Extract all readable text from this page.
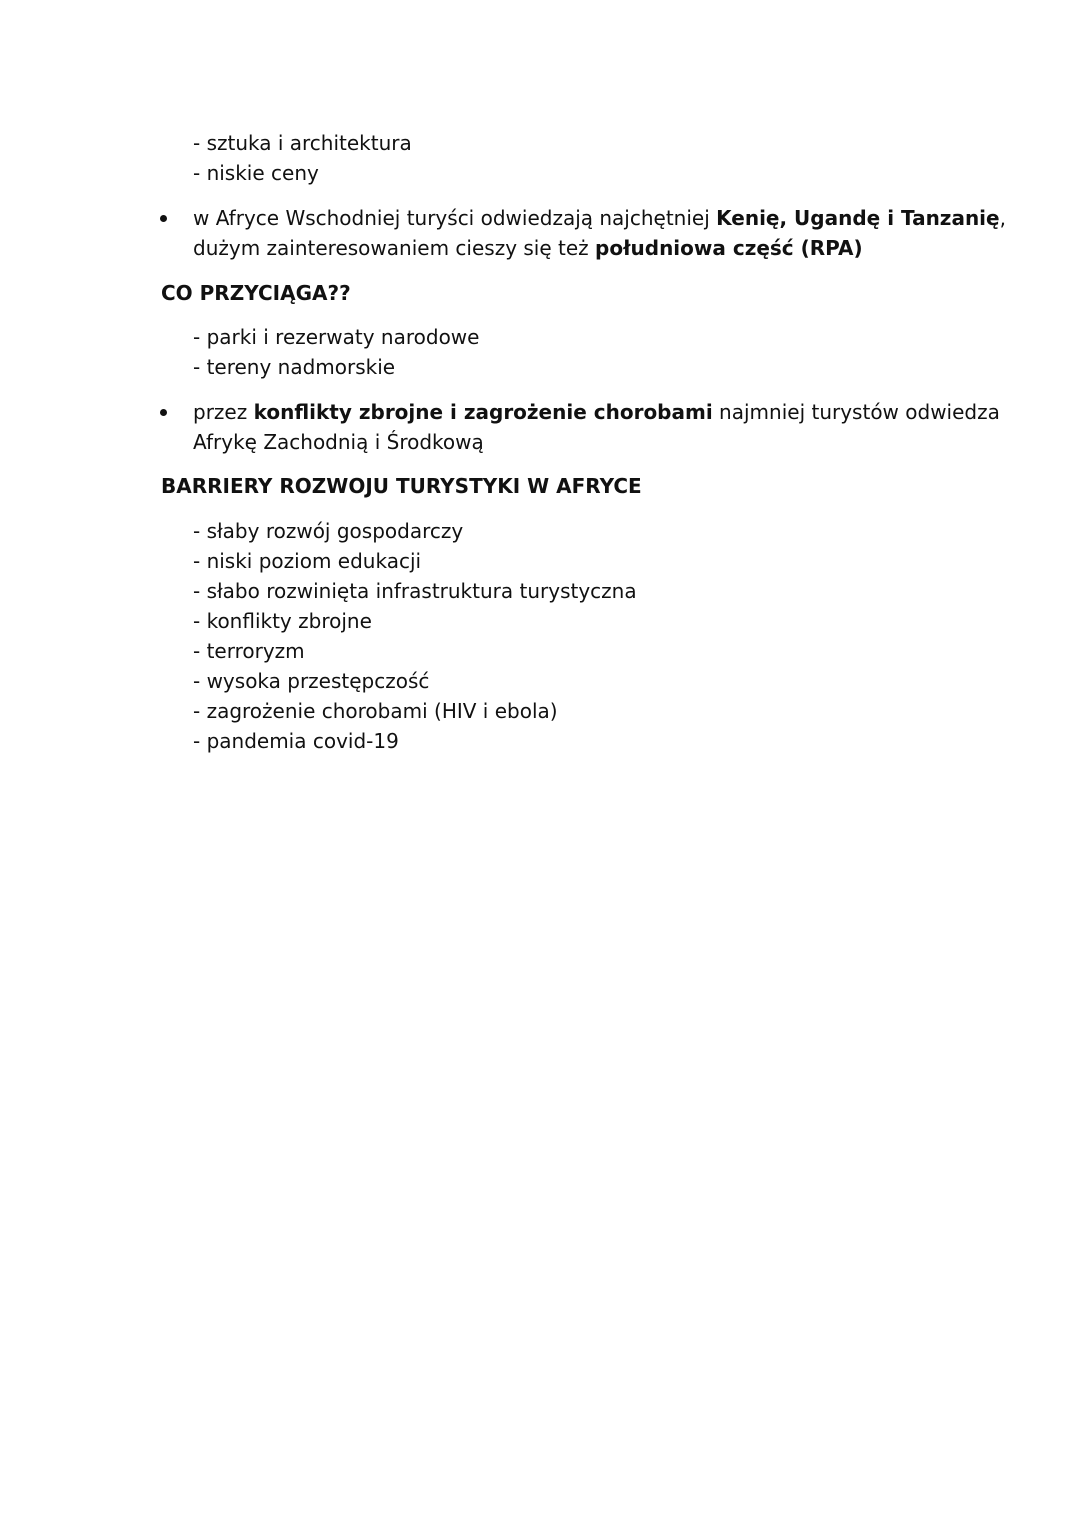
- sztuka i architektura
- niskie ceny
w Afryce Wschodniej turyści odwiedzają najchętniej Kenię, Ugandę i Tanzanię,
dużym zainteresowaniem cieszy się też południowa część (RPA)
CO PRZYCIĄGA??
- parki i rezerwaty narodowe
- tereny nadmorskie
przez konflikty zbrojne i zagrożenie chorobami najmniej turystów odwiedza
Afrykę Zachodnią i Środkową
BARRIERY ROZWOJU TURYSTYKI W AFRYCE
- słaby rozwój gospodarczy
- niski poziom edukacji
- słabo rozwinięta infrastruktura turystyczna
- konflikty zbrojne
- terroryzm
- wysoka przestępczość
- zagrożenie chorobami (HIV i ebola)
- pandemia covid-19
